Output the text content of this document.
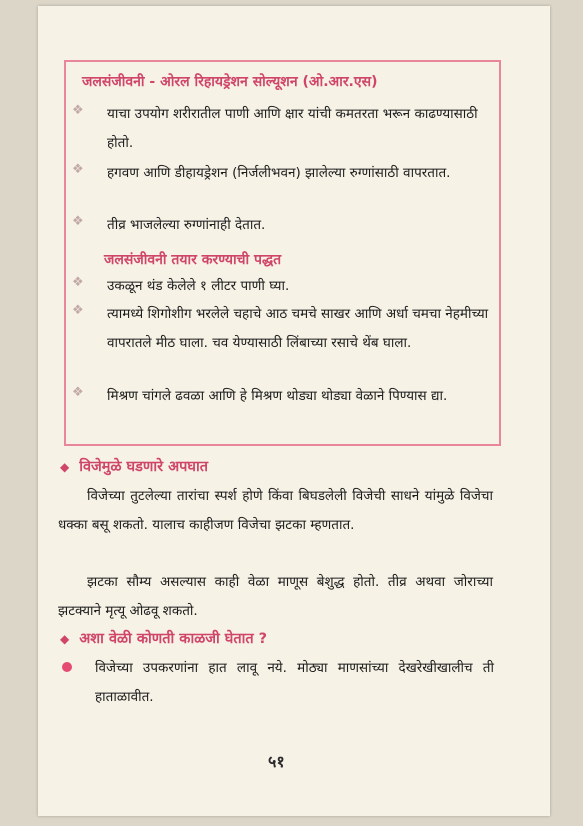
जलसंजीवनी - ओरल रिहायड्रेशन सोल्यूशन (ओ.आर.एस)
❖ याचा उपयोग शरीरातील पाणी आणि क्षार यांची कमतरता भरून काढण्यासाठी होतो.
❖ हगवण आणि डीहायड्रेशन (निर्जलीभवन) झालेल्या रुग्णांसाठी वापरतात.
❖ तीव्र भाजलेल्या रुग्णांनाही देतात.
जलसंजीवनी तयार करण्याची पद्धत
❖ उकळून थंड केलेले १ लीटर पाणी घ्या.
❖ त्यामध्ये शिगोशीग भरलेले चहाचे आठ चमचे साखर आणि अर्धा चमचा नेहमीच्या वापरातले मीठ घाला. चव येण्यासाठी लिंबाच्या रसाचे थेंब घाला.
❖ मिश्रण चांगले ढवळा आणि हे मिश्रण थोड्या थोड्या वेळाने पिण्यास द्या.
◆ विजेमुळे घडणारे अपघात
विजेच्या तुटलेल्या तारांचा स्पर्श होणे किंवा बिघडलेली विजेची साधने यांमुळे विजेचा धक्का बसू शकतो. यालाच काहीजण विजेचा झटका म्हणतात.
झटका सौम्य असल्यास काही वेळा माणूस बेशुद्ध होतो. तीव्र अथवा जोराच्या झटक्याने मृत्यू ओढवू शकतो.
◆ अशा वेळी कोणती काळजी घेतात ?
विजेच्या उपकरणांना हात लावू नये. मोठ्या माणसांच्या देखरेखीखालीच ती हाताळावीत.
५१
